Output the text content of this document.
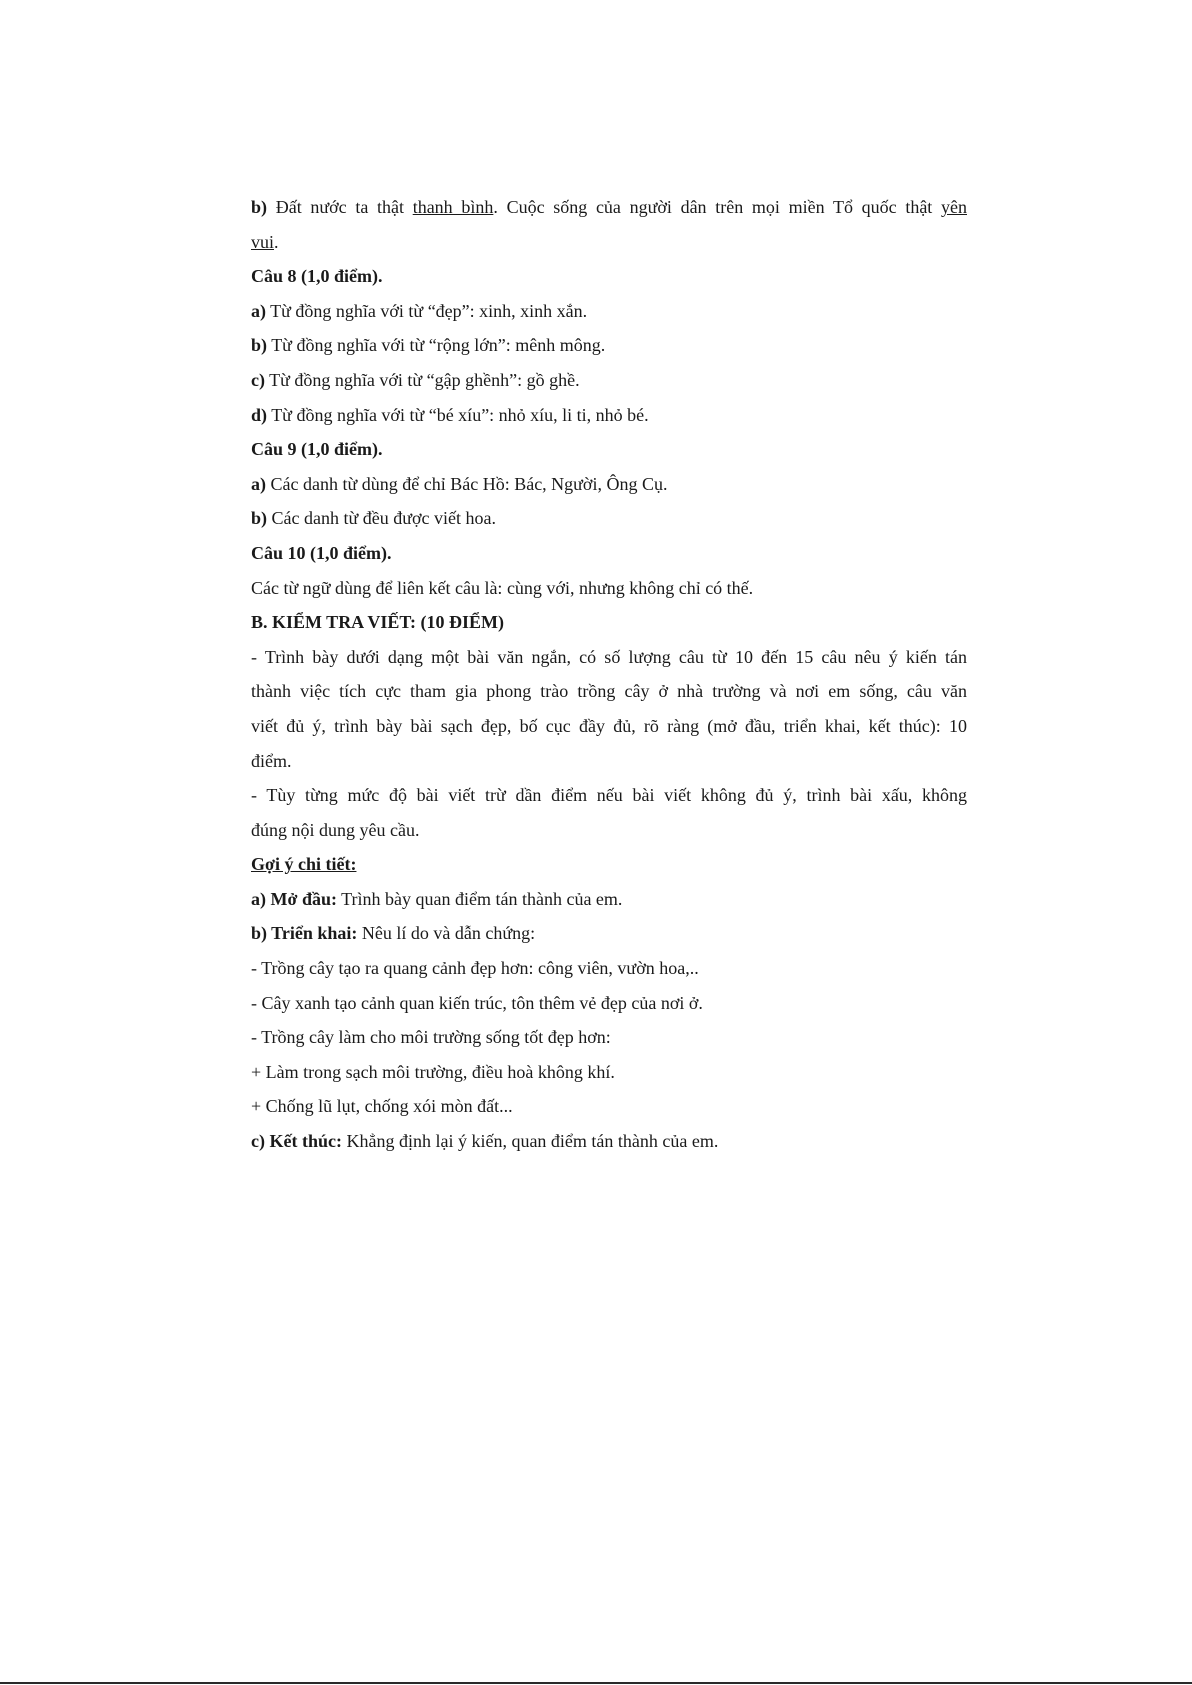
b) Đất nước ta thật thanh bình. Cuộc sống của người dân trên mọi miền Tổ quốc thật yên
vui.
Câu 8 (1,0 điểm).
a) Từ đồng nghĩa với từ “đẹp”: xinh, xinh xắn.
b) Từ đồng nghĩa với từ “rộng lớn”: mênh mông.
c) Từ đồng nghĩa với từ “gập ghềnh”: gồ ghề.
d) Từ đồng nghĩa với từ “bé xíu”: nhỏ xíu, li ti, nhỏ bé.
Câu 9 (1,0 điểm).
a) Các danh từ dùng để chỉ Bác Hồ: Bác, Người, Ông Cụ.
b) Các danh từ đều được viết hoa.
Câu 10 (1,0 điểm).
Các từ ngữ dùng để liên kết câu là: cùng với, nhưng không chỉ có thế.
B. KIỂM TRA VIẾT: (10 ĐIỂM)
- Trình bày dưới dạng một bài văn ngắn, có số lượng câu từ 10 đến 15 câu nêu ý kiến tán
thành việc tích cực tham gia phong trào trồng cây ở nhà trường và nơi em sống, câu văn
viết đủ ý, trình bày bài sạch đẹp, bố cục đầy đủ, rõ ràng (mở đầu, triển khai, kết thúc): 10
điểm.
- Tùy từng mức độ bài viết trừ dần điểm nếu bài viết không đủ ý, trình bài xấu, không
đúng nội dung yêu cầu.
Gợi ý chi tiết:
a) Mở đầu: Trình bày quan điểm tán thành của em.
b) Triển khai: Nêu lí do và dẫn chứng:
- Trồng cây tạo ra quang cảnh đẹp hơn: công viên, vườn hoa,..
- Cây xanh tạo cảnh quan kiến trúc, tôn thêm vẻ đẹp của nơi ở.
- Trồng cây làm cho môi trường sống tốt đẹp hơn:
+ Làm trong sạch môi trường, điều hoà không khí.
+ Chống lũ lụt, chống xói mòn đất...
c) Kết thúc: Khẳng định lại ý kiến, quan điểm tán thành của em.
